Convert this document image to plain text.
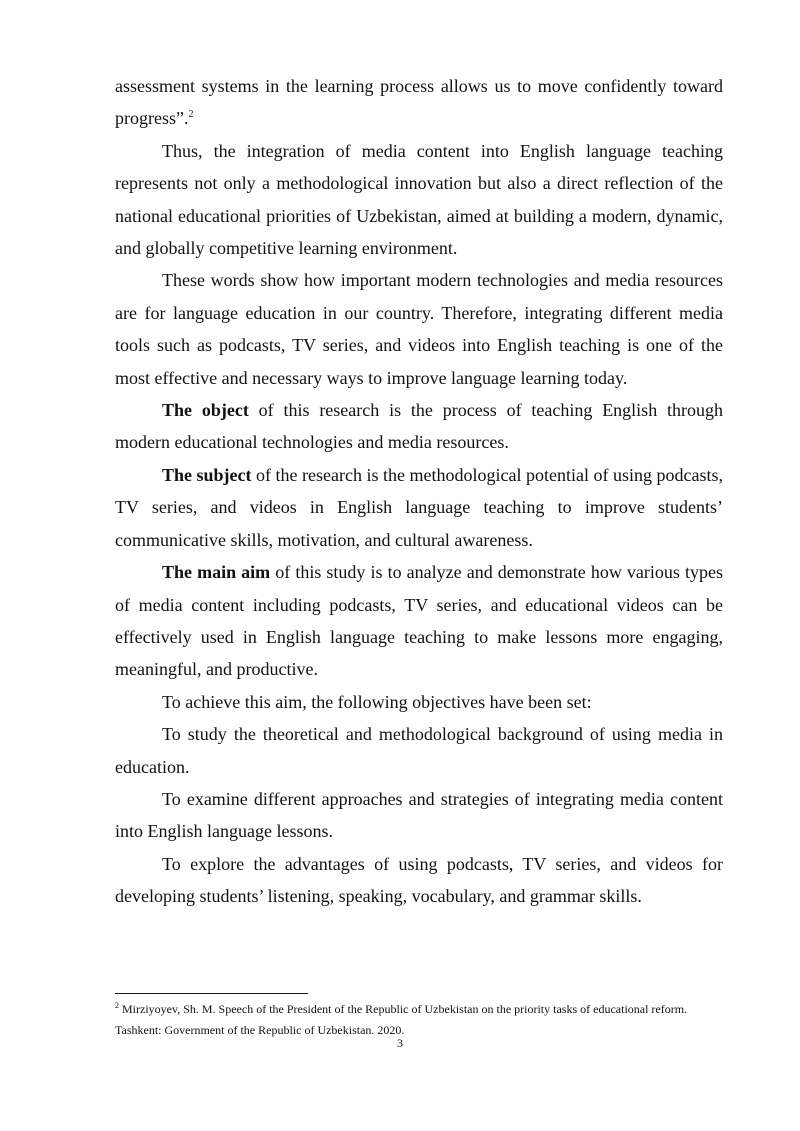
assessment systems in the learning process allows us to move confidently toward progress”.$^2$

Thus, the integration of media content into English language teaching represents not only a methodological innovation but also a direct reflection of the national educational priorities of Uzbekistan, aimed at building a modern, dynamic, and globally competitive learning environment.

These words show how important modern technologies and media resources are for language education in our country. Therefore, integrating different media tools such as podcasts, TV series, and videos into English teaching is one of the most effective and necessary ways to improve language learning today.

The object of this research is the process of teaching English through modern educational technologies and media resources.

The subject of the research is the methodological potential of using podcasts, TV series, and videos in English language teaching to improve students’ communicative skills, motivation, and cultural awareness.

The main aim of this study is to analyze and demonstrate how various types of media content including podcasts, TV series, and educational videos can be effectively used in English language teaching to make lessons more engaging, meaningful, and productive.

To achieve this aim, the following objectives have been set:

To study the theoretical and methodological background of using media in education.

To examine different approaches and strategies of integrating media content into English language lessons.

To explore the advantages of using podcasts, TV series, and videos for developing students’ listening, speaking, vocabulary, and grammar skills.

$^2$ Mirziyoyev, Sh. M. Speech of the President of the Republic of Uzbekistan on the priority tasks of educational reform. Tashkent: Government of the Republic of Uzbekistan. 2020.
3
